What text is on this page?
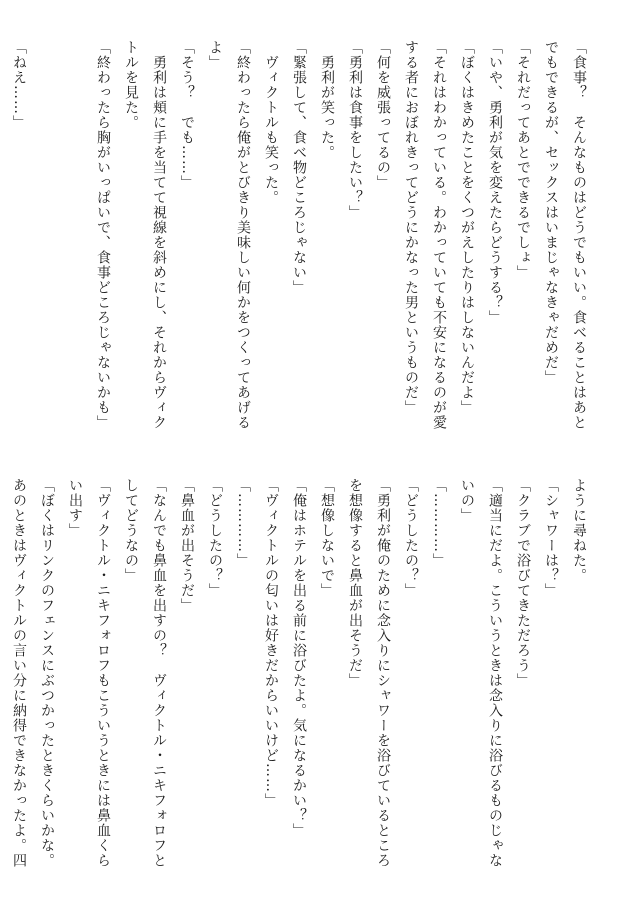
「食事？　そんなものはどうでもいい。食べることはあと
でもできるが、セックスはいまじゃなきゃだめだ」
「それだってあとでできるでしょ」
「いや、勇利が気を変えたらどうする？」
「ぼくはきめたことをくつがえしたりはしないんだよ」
「それはわかっている。わかっていても不安になるのが愛
する者におぼれきってどうにかなった男というものだ」
「何を威張ってるの」
「勇利は食事をしたい？」
　勇利が笑った。
「緊張して、食べ物どころじゃない」
　ヴィクトルも笑った。
「終わったら俺がとびきり美味しい何かをつくってあげる
よ」
「そう？　でも……」
　勇利は頬に手を当てて視線を斜めにし、それからヴィク
トルを見た。
「終わったら胸がいっぱいで、食事どころじゃないかも」
「ねえ……」
ように尋ねた。
「シャワーは？」
「クラブで浴びてきただろう」
「適当にだよ。こういうときは念入りに浴びるものじゃな
いの」
「…………」
「どうしたの？」
「勇利が俺のために念入りにシャワーを浴びているところ
を想像すると鼻血が出そうだ」
「想像しないで」
「俺はホテルを出る前に浴びたよ。気になるかい？」
「ヴィクトルの匂いは好きだからいいけど……」
「…………」
「どうしたの？」
「鼻血が出そうだ」
「なんでも鼻血を出すの？　ヴィクトル・ニキフォロフと
してどうなの」
「ヴィクトル・ニキフォロフもこういうときには鼻血くら
い出す」
「ぼくはリンクのフェンスにぶつかったときくらいかな。
あのときはヴィクトルの言い分に納得できなかったよ。四
